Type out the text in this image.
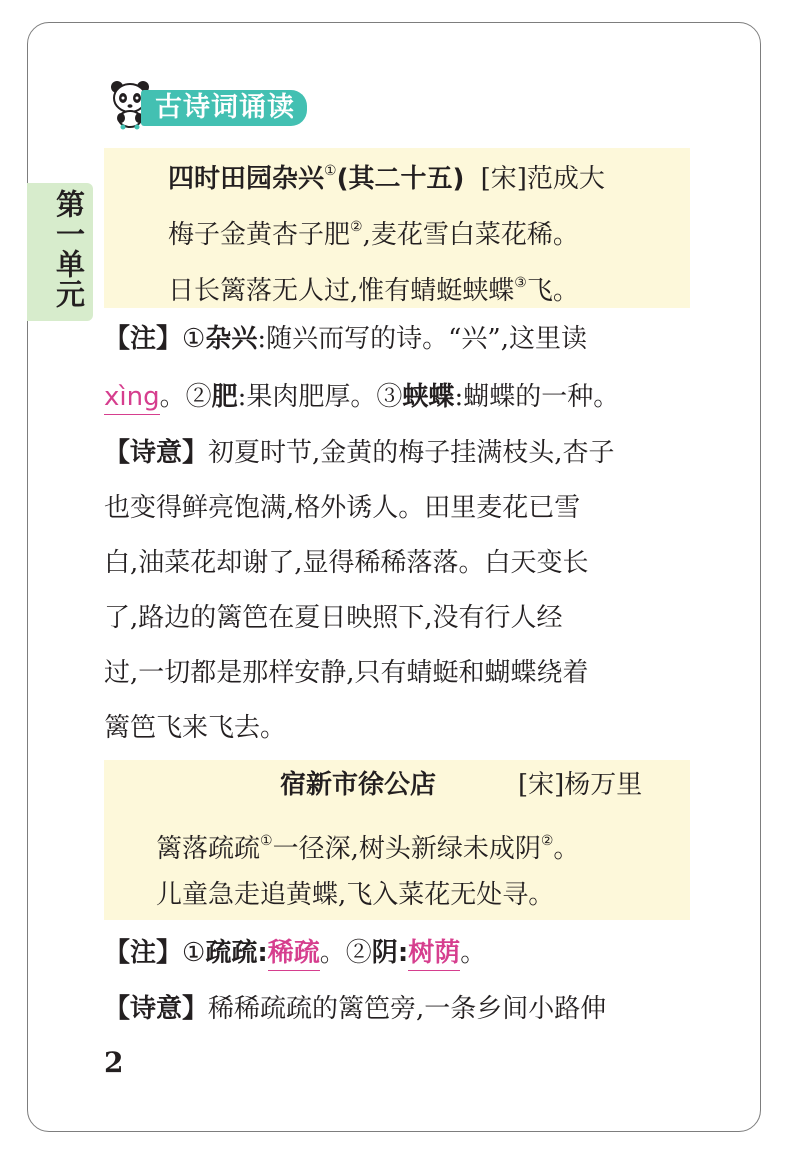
古诗词诵读
第一单元
四时田园杂兴①(其二十五) [宋]范成大
梅子金黄杏子肥②,麦花雪白菜花稀。
日长篱落无人过,惟有蜻蜓蛱蝶③飞。
【注】①杂兴:随兴而写的诗。“兴”,这里读
xìng。②肥:果肉肥厚。③蛱蝶:蝴蝶的一种。
【诗意】初夏时节,金黄的梅子挂满枝头,杏子
也变得鲜亮饱满,格外诱人。田里麦花已雪
白,油菜花却谢了,显得稀稀落落。白天变长
了,路边的篱笆在夏日映照下,没有行人经
过,一切都是那样安静,只有蜻蜓和蝴蝶绕着
篱笆飞来飞去。
宿新市徐公店	[宋]杨万里
篱落疏疏①一径深,树头新绿未成阴②。
儿童急走追黄蝶,飞入菜花无处寻。
【注】①疏疏:稀疏。②阴:树荫。
【诗意】稀稀疏疏的篱笆旁,一条乡间小路伸
2
